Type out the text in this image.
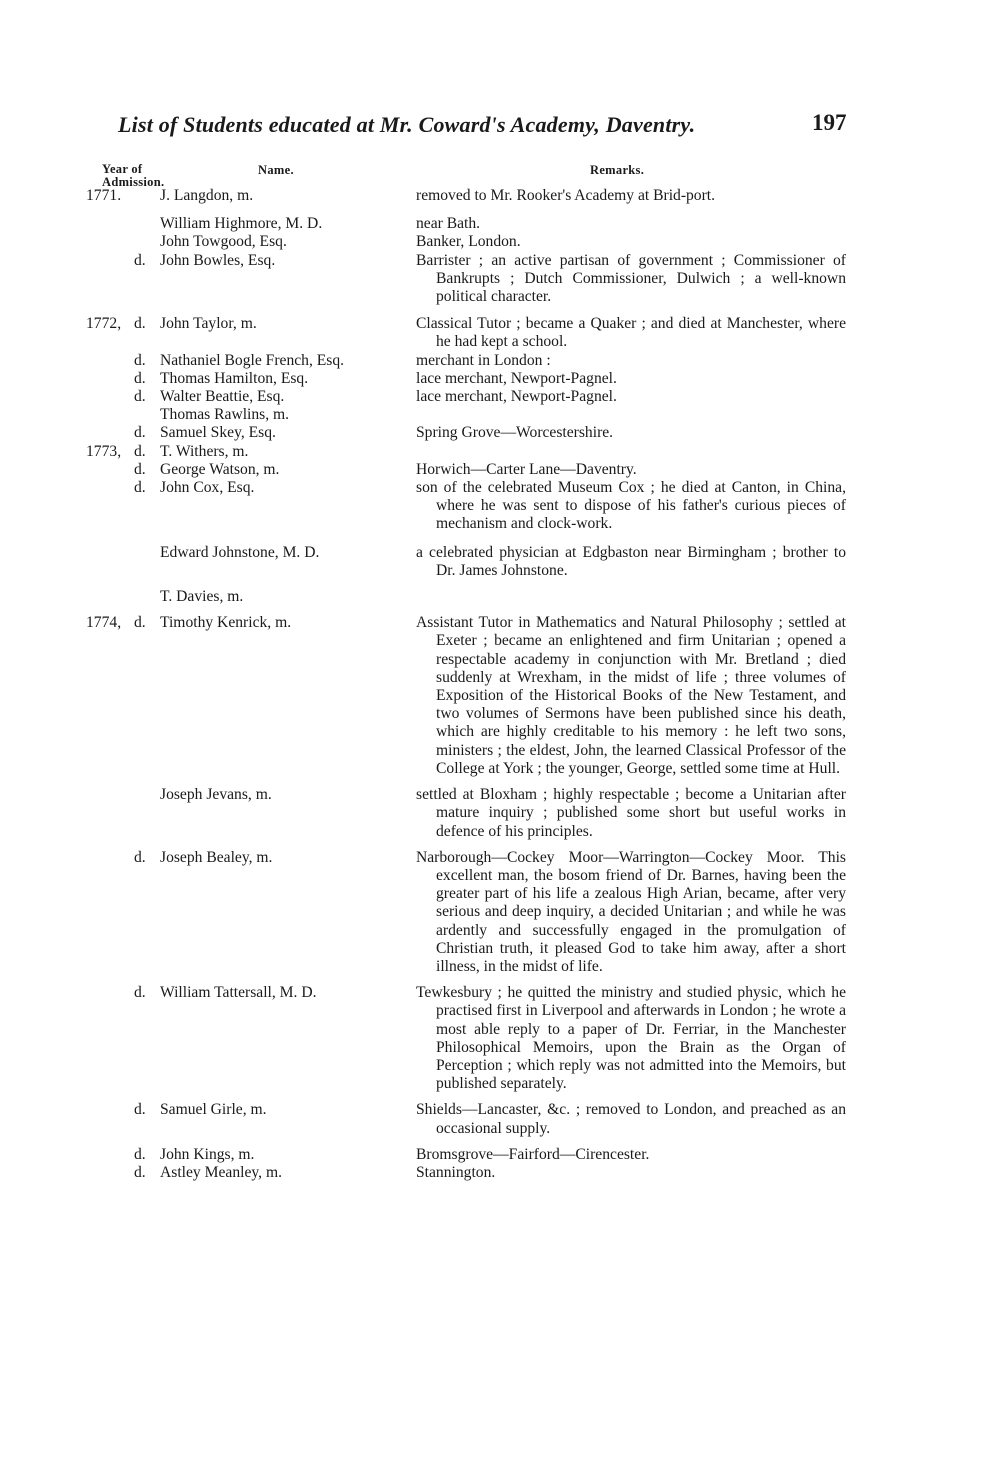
List of Students educated at Mr. Coward's Academy, Daventry.	197
Year of
Admission.
Name.	Remarks.
1771.	J. Langdon, m.	removed to Mr. Rooker's Academy at Brid-port.
William Highmore, M. D.	near Bath.
John Towgood, Esq.	Banker, London.
d. John Bowles, Esq.	Barrister ; an active partisan of government ; Commissioner of Bankrupts ; Dutch Commissioner, Dulwich ; a well-known political character.
1772, d. John Taylor, m.	Classical Tutor ; became a Quaker ; and died at Manchester, where he had kept a school.
d. Nathaniel Bogle French, Esq.	merchant in London :
d. Thomas Hamilton, Esq.	lace merchant, Newport-Pagnel.
d. Walter Beattie, Esq.	lace merchant, Newport-Pagnel.
Thomas Rawlins, m.
d. Samuel Skey, Esq.	Spring Grove—Worcestershire.
1773, d. T. Withers, m.
d. George Watson, m.	Horwich—Carter Lane—Daventry.
d. John Cox, Esq.	son of the celebrated Museum Cox ; he died at Canton, in China, where he was sent to dispose of his father's curious pieces of mechanism and clock-work.
Edward Johnstone, M. D.	a celebrated physician at Edgbaston near Birmingham ; brother to Dr. James Johnstone.
T. Davies, m.
1774, d. Timothy Kenrick, m.	Assistant Tutor in Mathematics and Natural Philosophy ; settled at Exeter ; became an enlightened and firm Unitarian ; opened a respectable academy in conjunction with Mr. Bretland ; died suddenly at Wrexham, in the midst of life ; three volumes of Exposition of the Historical Books of the New Testament, and two volumes of Sermons have been published since his death, which are highly creditable to his memory : he left two sons, ministers ; the eldest, John, the learned Classical Professor of the College at York ; the younger, George, settled some time at Hull.
Joseph Jevans, m.	settled at Bloxham ; highly respectable ; become a Unitarian after mature inquiry ; published some short but useful works in defence of his principles.
d. Joseph Bealey, m.	Narborough—Cockey Moor—Warrington—Cockey Moor. This excellent man, the bosom friend of Dr. Barnes, having been the greater part of his life a zealous High Arian, became, after very serious and deep inquiry, a decided Unitarian ; and while he was ardently and successfully engaged in the promulgation of Christian truth, it pleased God to take him away, after a short illness, in the midst of life.
d. William Tattersall, M. D.	Tewkesbury ; he quitted the ministry and studied physic, which he practised first in Liverpool and afterwards in London ; he wrote a most able reply to a paper of Dr. Ferriar, in the Manchester Philosophical Memoirs, upon the Brain as the Organ of Perception ; which reply was not admitted into the Memoirs, but published separately.
d. Samuel Girle, m.	Shields—Lancaster, &c. ; removed to London, and preached as an occasional supply.
d. John Kings, m.	Bromsgrove—Fairford—Cirencester.
d. Astley Meanley, m.	Stannington.
